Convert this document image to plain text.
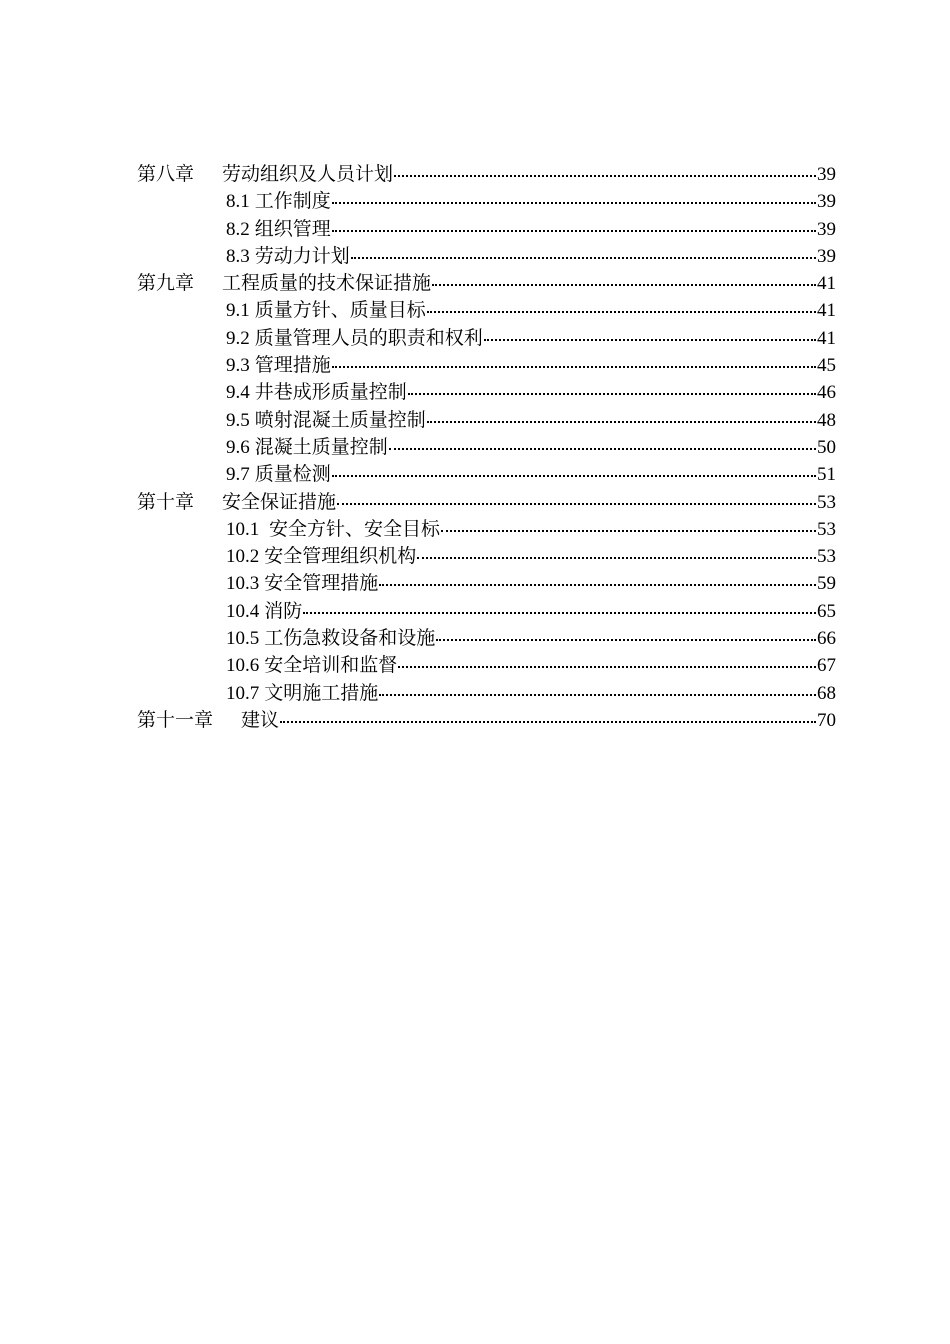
第八章 劳动组织及人员计划	39
8.1 工作制度	39
8.2 组织管理	39
8.3 劳动力计划	39
第九章 工程质量的技术保证措施	41
9.1 质量方针、质量目标	41
9.2 质量管理人员的职责和权利	41
9.3 管理措施	45
9.4 井巷成形质量控制	46
9.5 喷射混凝土质量控制	48
9.6 混凝土质量控制	50
9.7 质量检测	51
第十章 安全保证措施	53
10.1 安全方针、安全目标	53
10.2 安全管理组织机构	53
10.3 安全管理措施	59
10.4 消防	65
10.5 工伤急救设备和设施	66
10.6 安全培训和监督	67
10.7 文明施工措施	68
第十一章 建议	70
